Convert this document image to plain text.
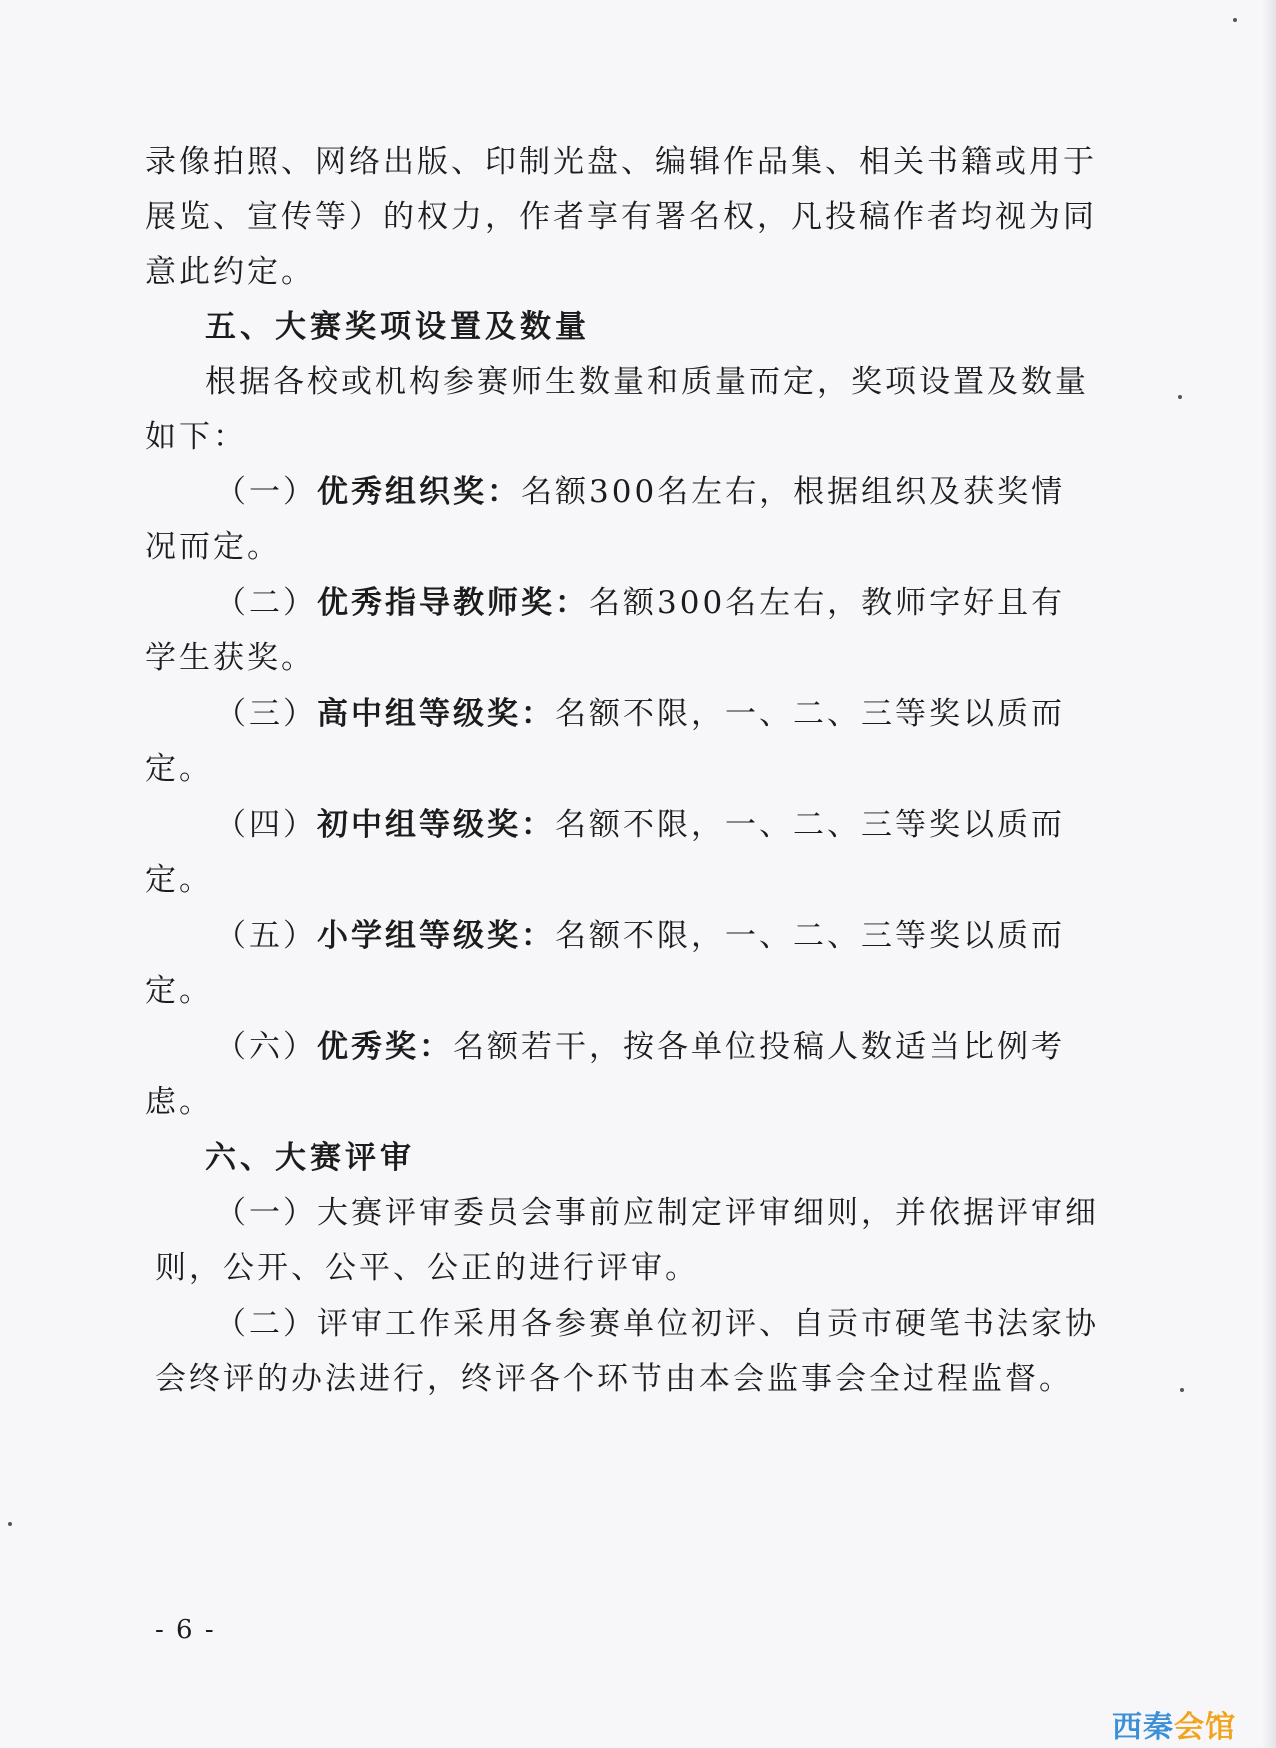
录像拍照、网络出版、印制光盘、编辑作品集、相关书籍或用于
展览、宣传等）的权力，作者享有署名权，凡投稿作者均视为同
意此约定。
五、大赛奖项设置及数量
根据各校或机构参赛师生数量和质量而定，奖项设置及数量
如下：
（一）优秀组织奖：名额300名左右，根据组织及获奖情
况而定。
（二）优秀指导教师奖：名额300名左右，教师字好且有
学生获奖。
（三）高中组等级奖：名额不限，一、二、三等奖以质而
定。
（四）初中组等级奖：名额不限，一、二、三等奖以质而
定。
（五）小学组等级奖：名额不限，一、二、三等奖以质而
定。
（六）优秀奖：名额若干，按各单位投稿人数适当比例考
虑。
六、大赛评审
（一）大赛评审委员会事前应制定评审细则，并依据评审细
则，公开、公平、公正的进行评审。
（二）评审工作采用各参赛单位初评、自贡市硬笔书法家协
会终评的办法进行，终评各个环节由本会监事会全过程监督。
- 6 -
西秦会馆
